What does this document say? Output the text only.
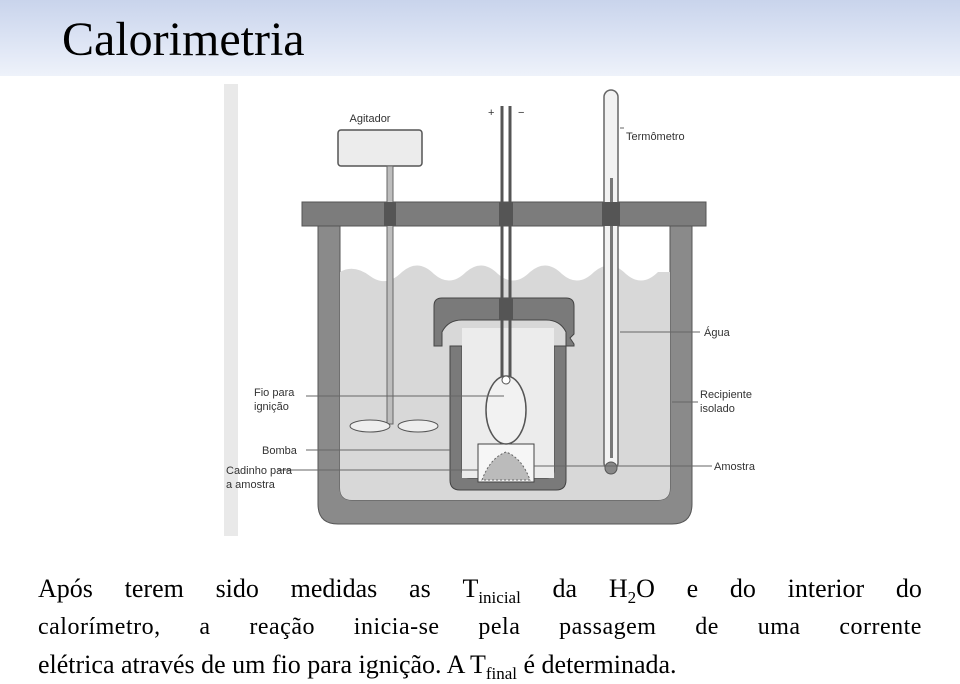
Calorimetria
Agitador	+ −
Termômetro
Água
Fio para
ignição
Recipiente
isolado
Bomba
Amostra
Cadinho para
a amostra
Após terem sido medidas as $T_{inicial}$ da $H_2O$ e do interior do
calorímetro, a reação inicia-se pela passagem de uma corrente
elétrica através de um fio para ignição. A $T_{final}$ é determinada.
